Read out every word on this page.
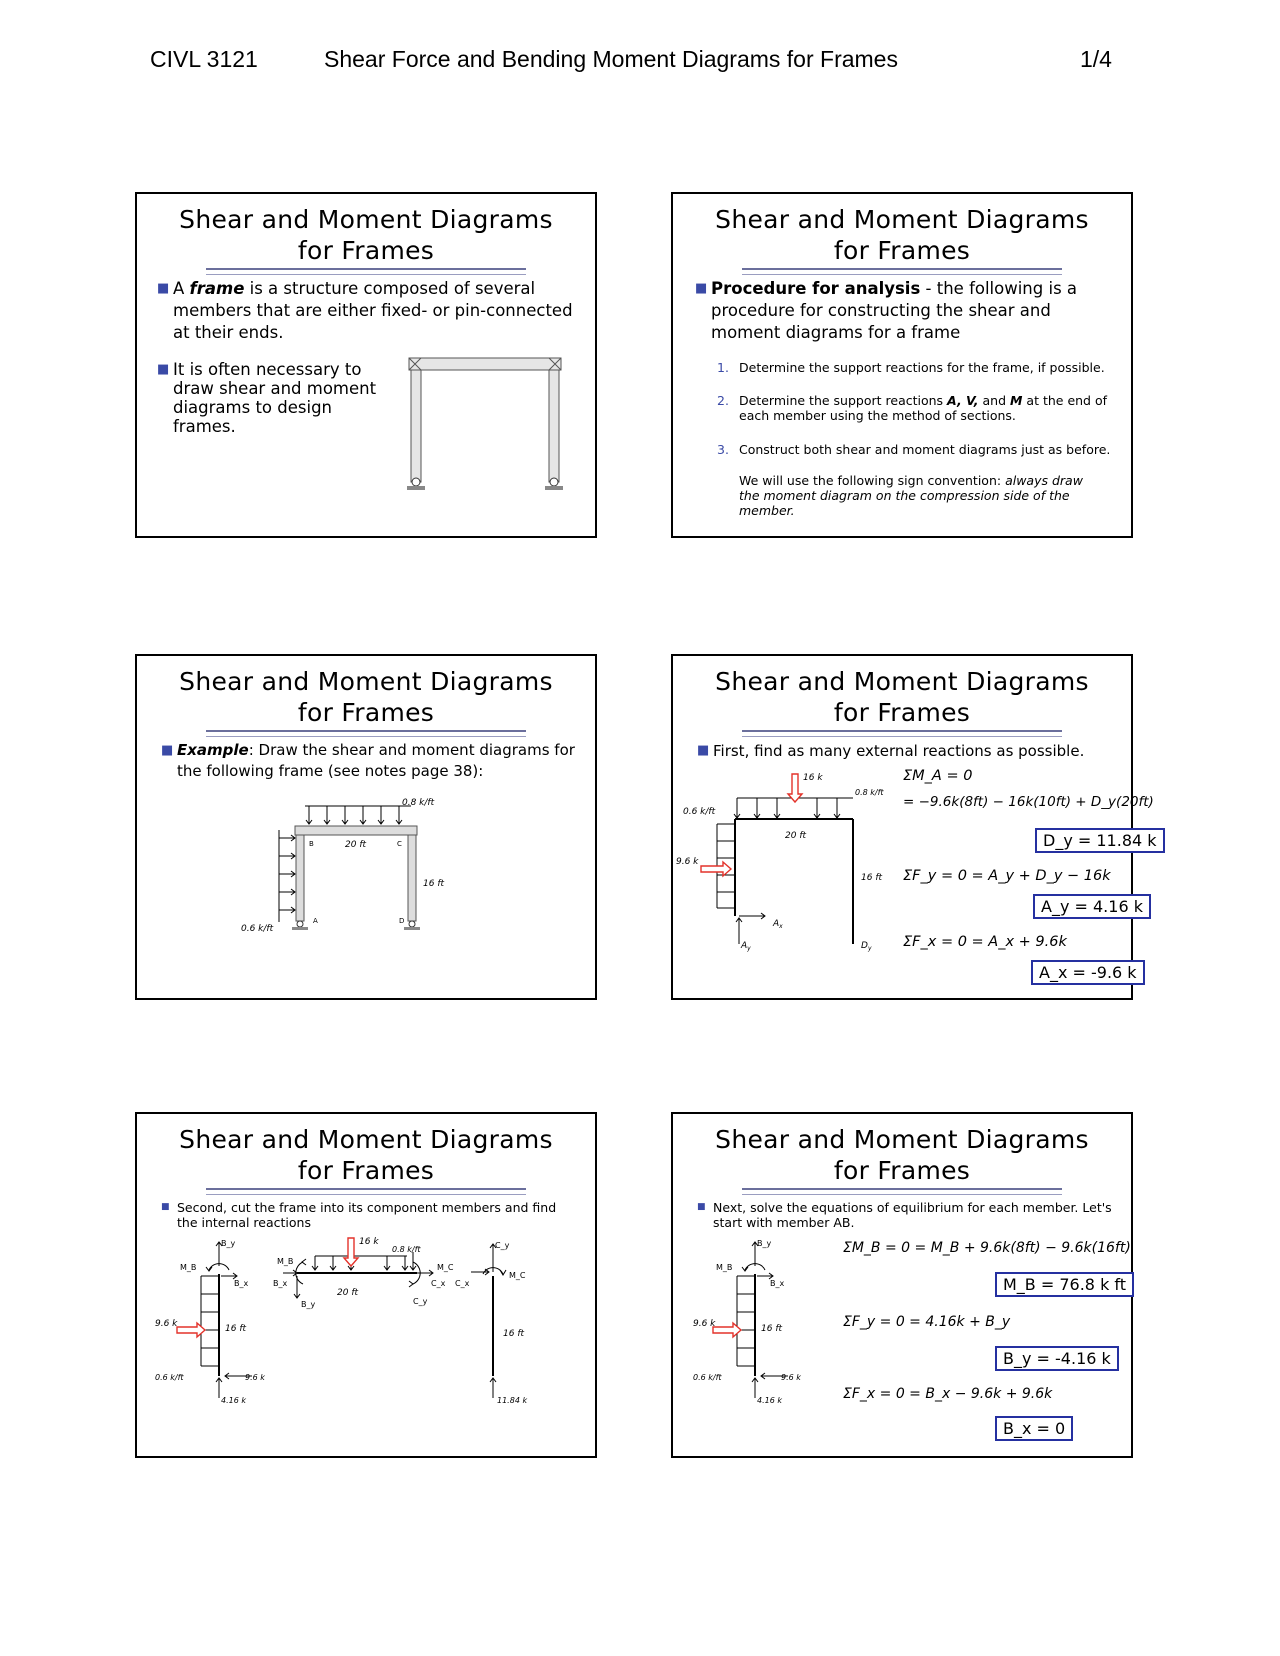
CIVL 3121	Shear Force and Bending Moment Diagrams for Frames	1/4
Shear and Moment Diagrams
for Frames
■ A frame is a structure composed of several members that are either fixed- or pin-connected at their ends.
■ It is often necessary to draw shear and moment diagrams to design frames.
Shear and Moment Diagrams
for Frames
■ Procedure for analysis - the following is a procedure for constructing the shear and moment diagrams for a frame
1. Determine the support reactions for the frame, if possible.
2. Determine the support reactions A, V, and M at the end of each member using the method of sections.
3. Construct both shear and moment diagrams just as before.
We will use the following sign convention: always draw the moment diagram on the compression side of the member.
Shear and Moment Diagrams
for Frames
■ Example: Draw the shear and moment diagrams for the following frame (see notes page 38):
0.8 k/ft
20 ft
16 ft
0.6 k/ft
A
B	C
D
Shear and Moment Diagrams
for Frames
■ First, find as many external reactions as possible.
16 k
0.8 k/ft
0.6 k/ft
9.6 k
20 ft
16 ft
$A_x$
$A_y$	$D_y$
ΣM_A = 0
= −9.6k(8ft) − 16k(10ft) + D_y(20ft)
D_y = 11.84 k
ΣF_y = 0 = A_y + D_y − 16k
A_y = 4.16 k
ΣF_x = 0 = A_x + 9.6k
A_x = -9.6 k
Shear and Moment Diagrams
for Frames
■ Second, cut the frame into its component members and find the internal reactions
B_y
B_x
M_B
9.6 k	16 ft
0.6 k/ft	9.6 k
4.16 k
16 k
0.8 k/ft
20 ft
M_B
B_x
B_y
M_C
C_x
C_y
C_y
C_x
M_C
16 ft
11.84 k
Shear and Moment Diagrams
for Frames
■ Next, solve the equations of equilibrium for each member. Let's start with member AB.
B_y
B_x
M_B
9.6 k	16 ft
0.6 k/ft	9.6 k
4.16 k
ΣM_B = 0 = M_B + 9.6k(8ft) − 9.6k(16ft)
M_B = 76.8 k ft
ΣF_y = 0 = 4.16k + B_y
B_y = -4.16 k
ΣF_x = 0 = B_x − 9.6k + 9.6k
B_x = 0
